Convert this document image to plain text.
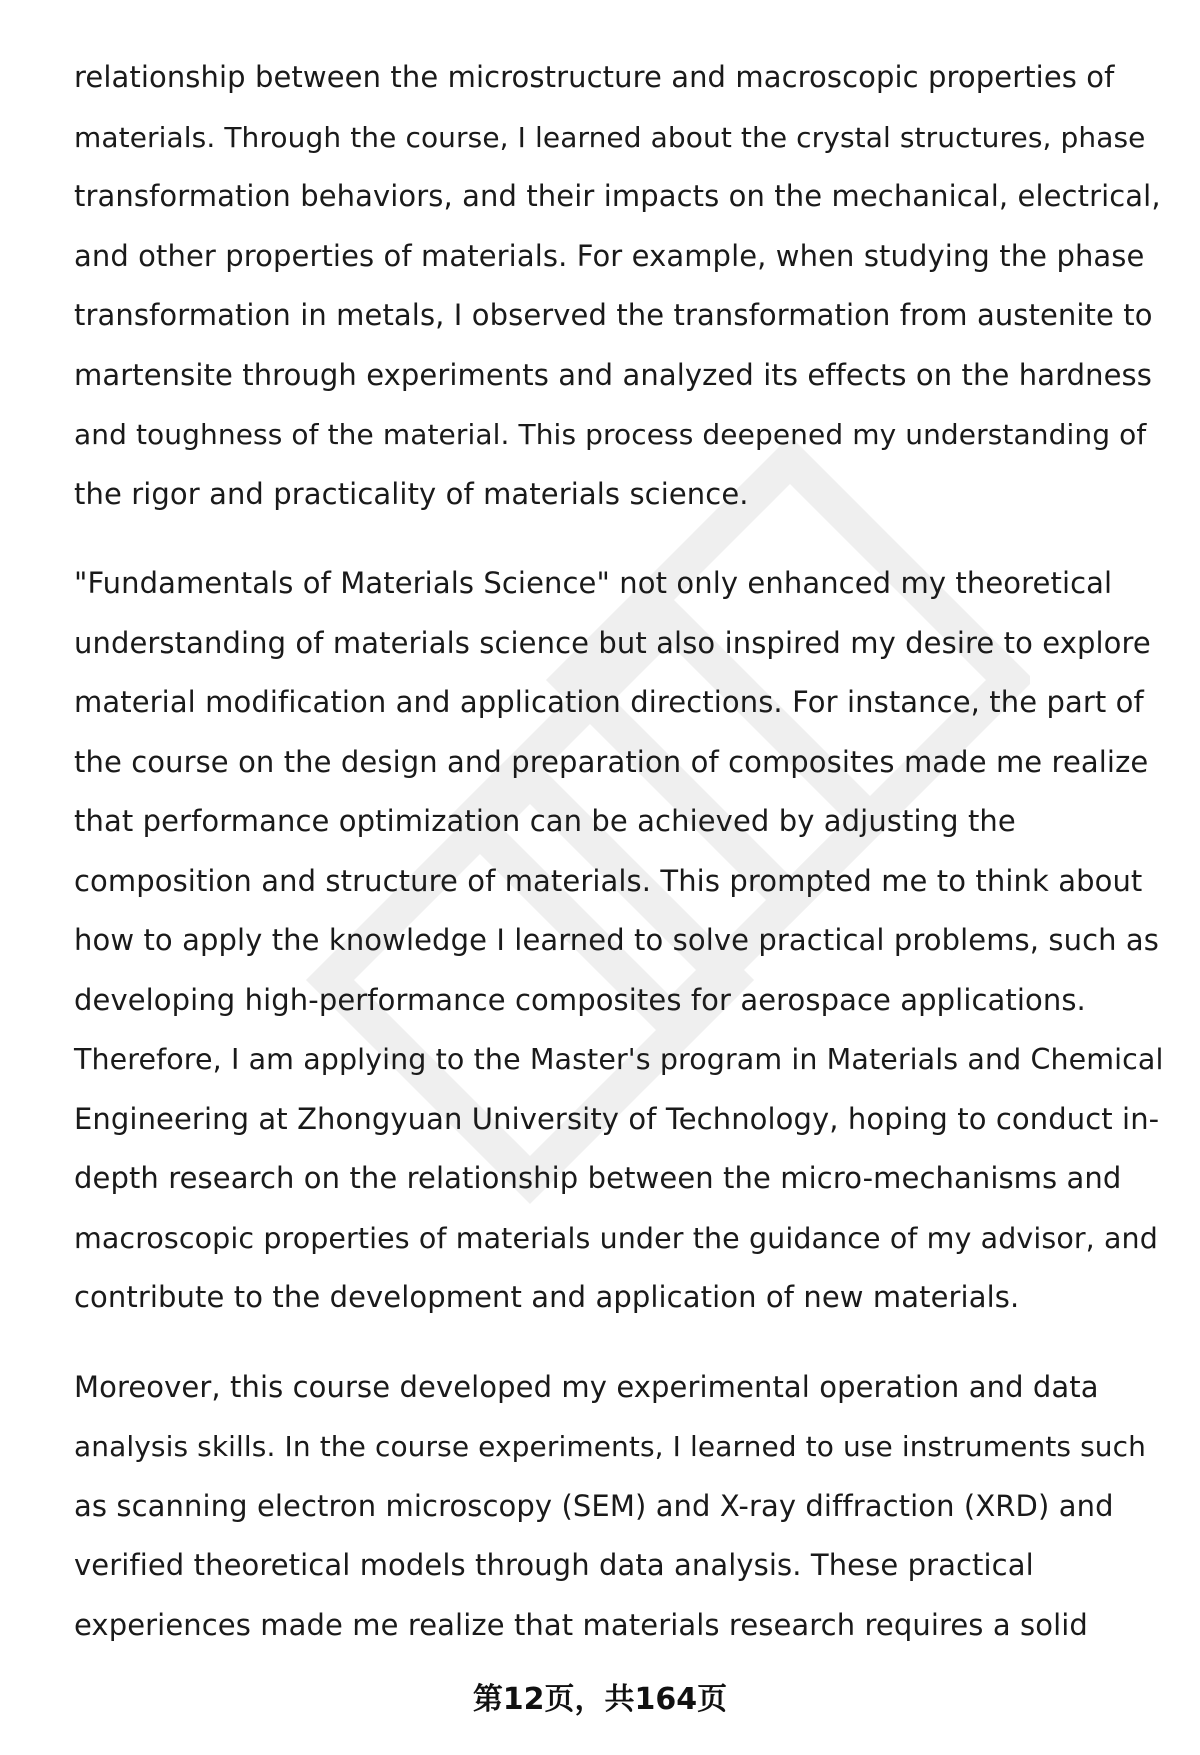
relationship between the microstructure and macroscopic properties of
materials. Through the course, I learned about the crystal structures, phase
transformation behaviors, and their impacts on the mechanical, electrical,
and other properties of materials. For example, when studying the phase
transformation in metals, I observed the transformation from austenite to
martensite through experiments and analyzed its effects on the hardness
and toughness of the material. This process deepened my understanding of
the rigor and practicality of materials science.

"Fundamentals of Materials Science" not only enhanced my theoretical
understanding of materials science but also inspired my desire to explore
material modification and application directions. For instance, the part of
the course on the design and preparation of composites made me realize
that performance optimization can be achieved by adjusting the
composition and structure of materials. This prompted me to think about
how to apply the knowledge I learned to solve practical problems, such as
developing high-performance composites for aerospace applications.
Therefore, I am applying to the Master's program in Materials and Chemical
Engineering at Zhongyuan University of Technology, hoping to conduct in-
depth research on the relationship between the micro-mechanisms and
macroscopic properties of materials under the guidance of my advisor, and
contribute to the development and application of new materials.

Moreover, this course developed my experimental operation and data
analysis skills. In the course experiments, I learned to use instruments such
as scanning electron microscopy (SEM) and X-ray diffraction (XRD) and
verified theoretical models through data analysis. These practical
experiences made me realize that materials research requires a solid

第12页，共164页
